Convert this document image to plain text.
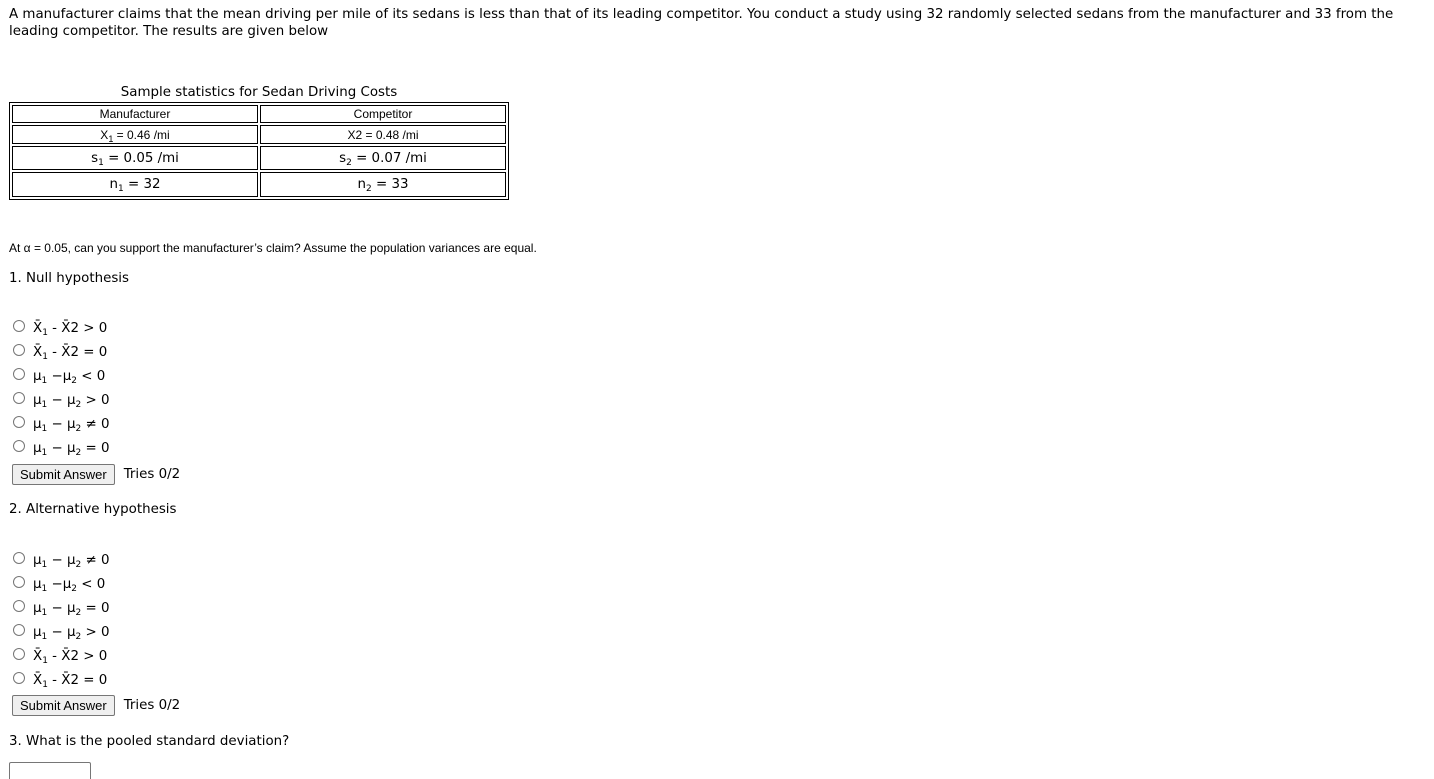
A manufacturer claims that the mean driving per mile of its sedans is less than that of its leading competitor. You conduct a study using 32 randomly selected sedans from the manufacturer and 33 from the leading competitor. The results are given below

Sample statistics for Sedan Driving Costs
Manufacturer	Competitor
$X_1 = 0.46$ /mi	X2 = 0.48 /mi
$s_1 = 0.05$ /mi	$s_2 = 0.07$ /mi
$n_1 = 32$	$n_2 = 33$
At α = 0.05, can you support the manufacturer’s claim? Assume the population variances are equal.
1. Null hypothesis
$X̄_1$ - X̄2 > 0
$X̄_1$ - X̄2 = 0
$\mu_1 -\mu_2 < 0$
$\mu_1 - \mu_2 > 0$
$\mu_1 - \mu_2 \ne 0$
$\mu_1 - \mu_2 = 0$
Submit Answer	Tries 0/2
2. Alternative hypothesis
$\mu_1 - \mu_2 \ne 0$
$\mu_1 -\mu_2 < 0$
$\mu_1 - \mu_2 = 0$
$\mu_1 - \mu_2 > 0$
$X̄_1$ - X̄2 > 0
$X̄_1$ - X̄2 = 0
Submit Answer	Tries 0/2
3. What is the pooled standard deviation?
